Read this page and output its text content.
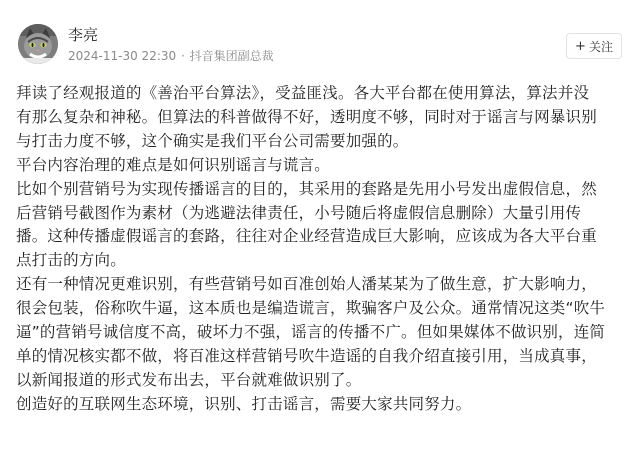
李亮
2024-11-30 22:30 · 抖音集团副总裁
+ 关注

拜读了经观报道的《善治平台算法》，受益匪浅。各大平台都在使用算法，算法并没

有那么复杂和神秘。但算法的科普做得不好，透明度不够，同时对于谣言与网暴识别

与打击力度不够，这个确实是我们平台公司需要加强的。

平台内容治理的难点是如何识别谣言与谎言。

比如个别营销号为实现传播谣言的目的，其采用的套路是先用小号发出虚假信息，然

后营销号截图作为素材（为逃避法律责任，小号随后将虚假信息删除）大量引用传

播。这种传播虚假谣言的套路，往往对企业经营造成巨大影响，应该成为各大平台重

点打击的方向。

还有一种情况更难识别，有些营销号如百准创始人潘某某为了做生意，扩大影响力，

很会包装，俗称吹牛逼，这本质也是编造谎言，欺骗客户及公众。通常情况这类“吹牛

逼”的营销号诚信度不高，破坏力不强，谣言的传播不广。但如果媒体不做识别，连简

单的情况核实都不做，将百准这样营销号吹牛造谣的自我介绍直接引用，当成真事，

以新闻报道的形式发布出去，平台就难做识别了。

创造好的互联网生态环境，识别、打击谣言，需要大家共同努力。
